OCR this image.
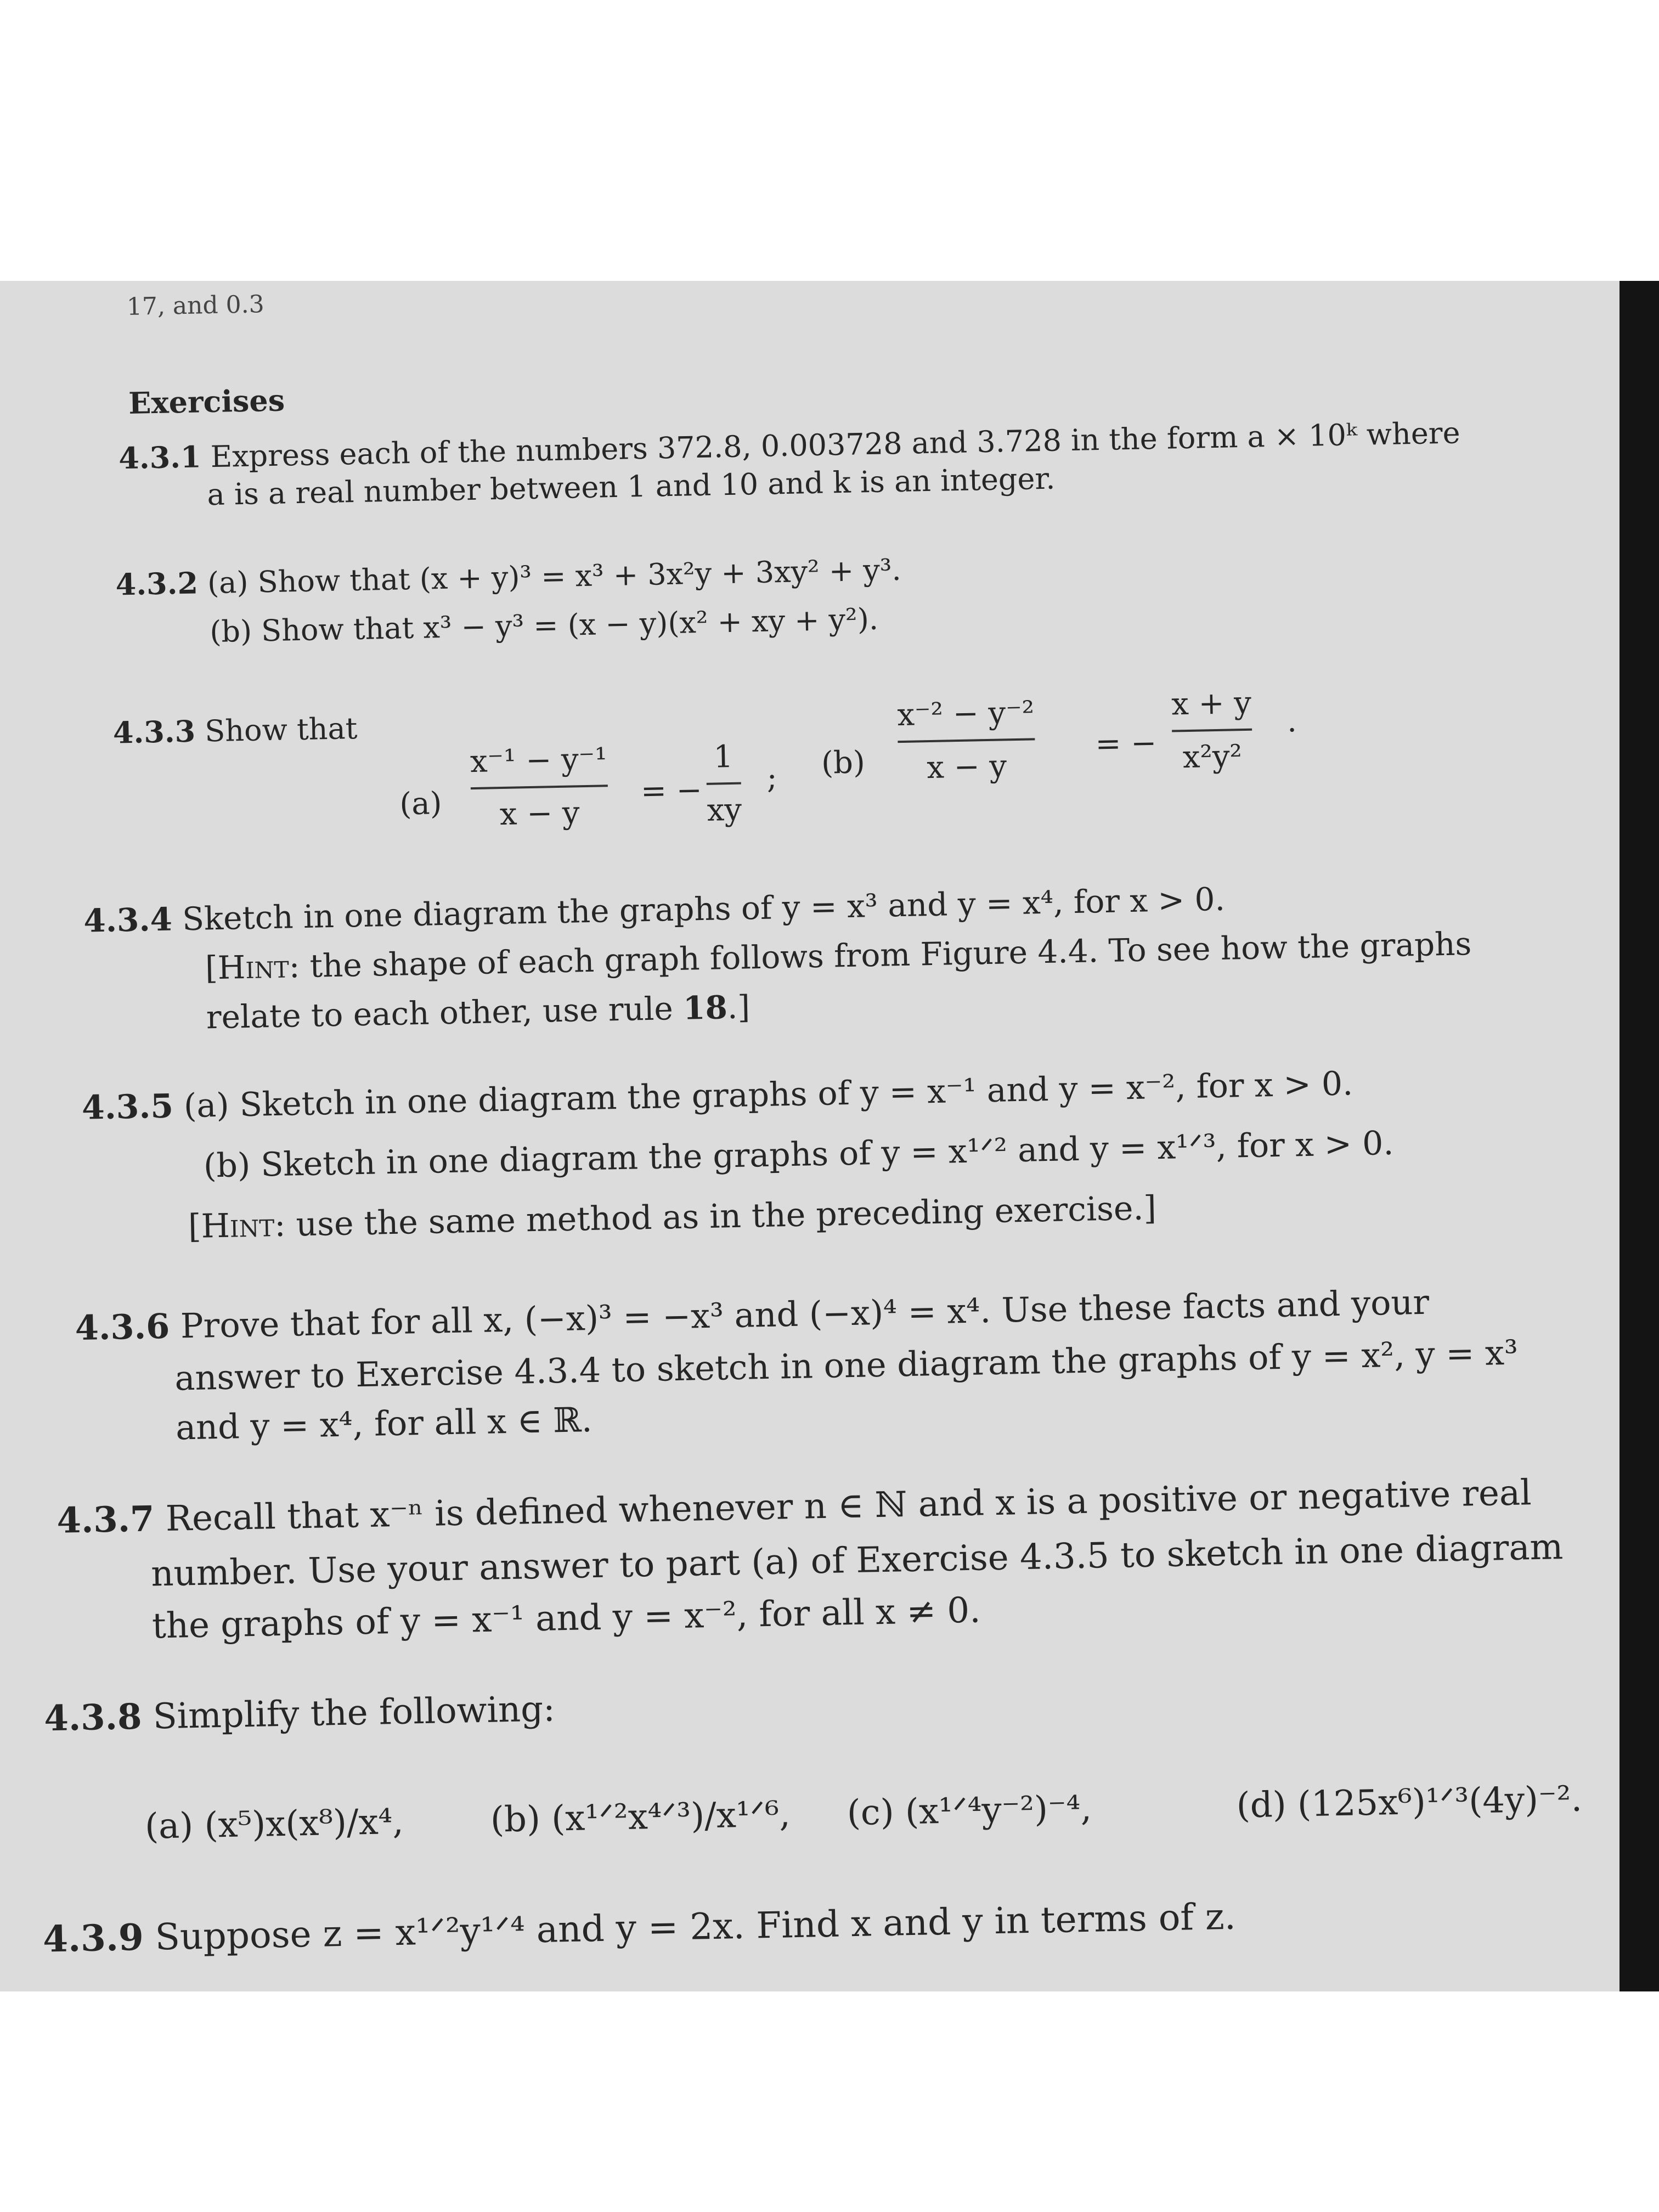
17, and 0.3
Exercises
4.3.1 Express each of the numbers 372.8, 0.003728 and 3.728 in the form a × 10ᵏ where
a is a real number between 1 and 10 and k is an integer.
4.3.2 (a) Show that (x + y)³ = x³ + 3x²y + 3xy² + y³.
(b) Show that x³ − y³ = (x − y)(x² + xy + y²).
4.3.3 Show that
(a)
x⁻¹ − y⁻¹
x − y
= −
1
xy
; (b)
x⁻² − y⁻²
x − y
= −
x + y
x²y²
.
4.3.4 Sketch in one diagram the graphs of y = x³ and y = x⁴, for x > 0.
[Hint: the shape of each graph follows from Figure 4.4. To see how the graphs
relate to each other, use rule 18.]
4.3.5 (a) Sketch in one diagram the graphs of y = x⁻¹ and y = x⁻², for x > 0.
(b) Sketch in one diagram the graphs of y = x¹ᐟ² and y = x¹ᐟ³, for x > 0.
[Hint: use the same method as in the preceding exercise.]
4.3.6 Prove that for all x, (−x)³ = −x³ and (−x)⁴ = x⁴. Use these facts and your
answer to Exercise 4.3.4 to sketch in one diagram the graphs of y = x², y = x³
and y = x⁴, for all x ∈ ℝ.
4.3.7 Recall that x⁻ⁿ is defined whenever n ∈ ℕ and x is a positive or negative real
number. Use your answer to part (a) of Exercise 4.3.5 to sketch in one diagram
the graphs of y = x⁻¹ and y = x⁻², for all x ≠ 0.
4.3.8 Simplify the following:
(a) (x⁵)x(x⁸)/x⁴, (b) (x¹ᐟ²x⁴ᐟ³)/x¹ᐟ⁶, (c) (x¹ᐟ⁴y⁻²)⁻⁴,	(d) (125x⁶)¹ᐟ³(4y)⁻².
4.3.9 Suppose z = x¹ᐟ²y¹ᐟ⁴ and y = 2x. Find x and y in terms of z.
